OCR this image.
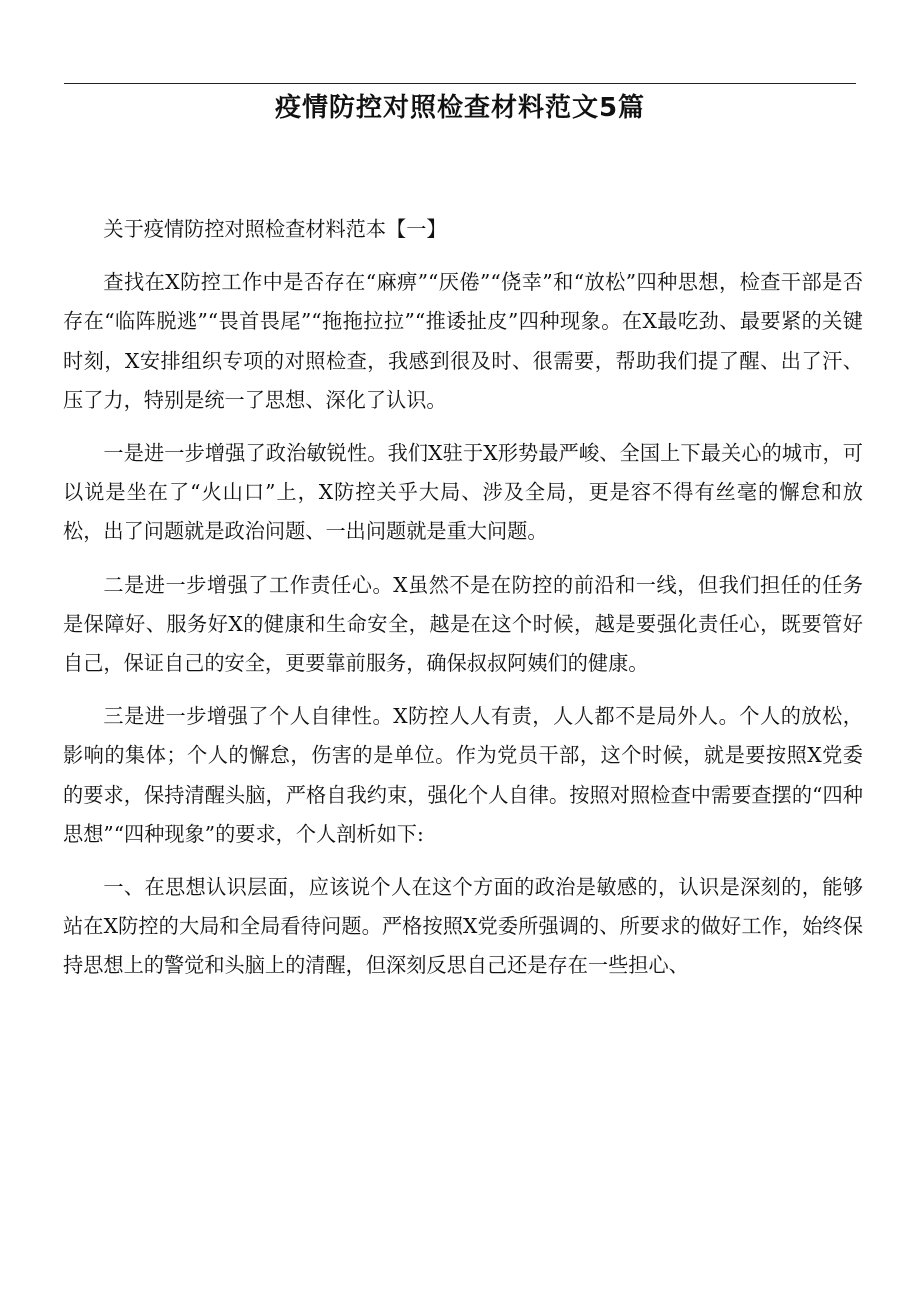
疫情防控对照检查材料范文5篇

关于疫情防控对照检查材料范本【一】

查找在X防控工作中是否存在“麻痹”“厌倦”“侥幸”和“放松”四种思想，检查干部是否存在“临阵脱逃”“畏首畏尾”“拖拖拉拉”“推诿扯皮”四种现象。在X最吃劲、最要紧的关键时刻，X安排组织专项的对照检查，我感到很及时、很需要，帮助我们提了醒、出了汗、压了力，特别是统一了思想、深化了认识。

一是进一步增强了政治敏锐性。我们X驻于X形势最严峻、全国上下最关心的城市，可以说是坐在了“火山口”上，X防控关乎大局、涉及全局，更是容不得有丝毫的懈怠和放松，出了问题就是政治问题、一出问题就是重大问题。

二是进一步增强了工作责任心。X虽然不是在防控的前沿和一线，但我们担任的任务是保障好、服务好X的健康和生命安全，越是在这个时候，越是要强化责任心，既要管好自己，保证自己的安全，更要靠前服务，确保叔叔阿姨们的健康。

三是进一步增强了个人自律性。X防控人人有责，人人都不是局外人。个人的放松，影响的集体；个人的懈怠，伤害的是单位。作为党员干部，这个时候，就是要按照X党委的要求，保持清醒头脑，严格自我约束，强化个人自律。按照对照检查中需要查摆的“四种思想”“四种现象”的要求，个人剖析如下:

一、在思想认识层面，应该说个人在这个方面的政治是敏感的，认识是深刻的，能够站在X防控的大局和全局看待问题。严格按照X党委所强调的、所要求的做好工作，始终保持思想上的警觉和头脑上的清醒，但深刻反思自己还是存在一些担心、
